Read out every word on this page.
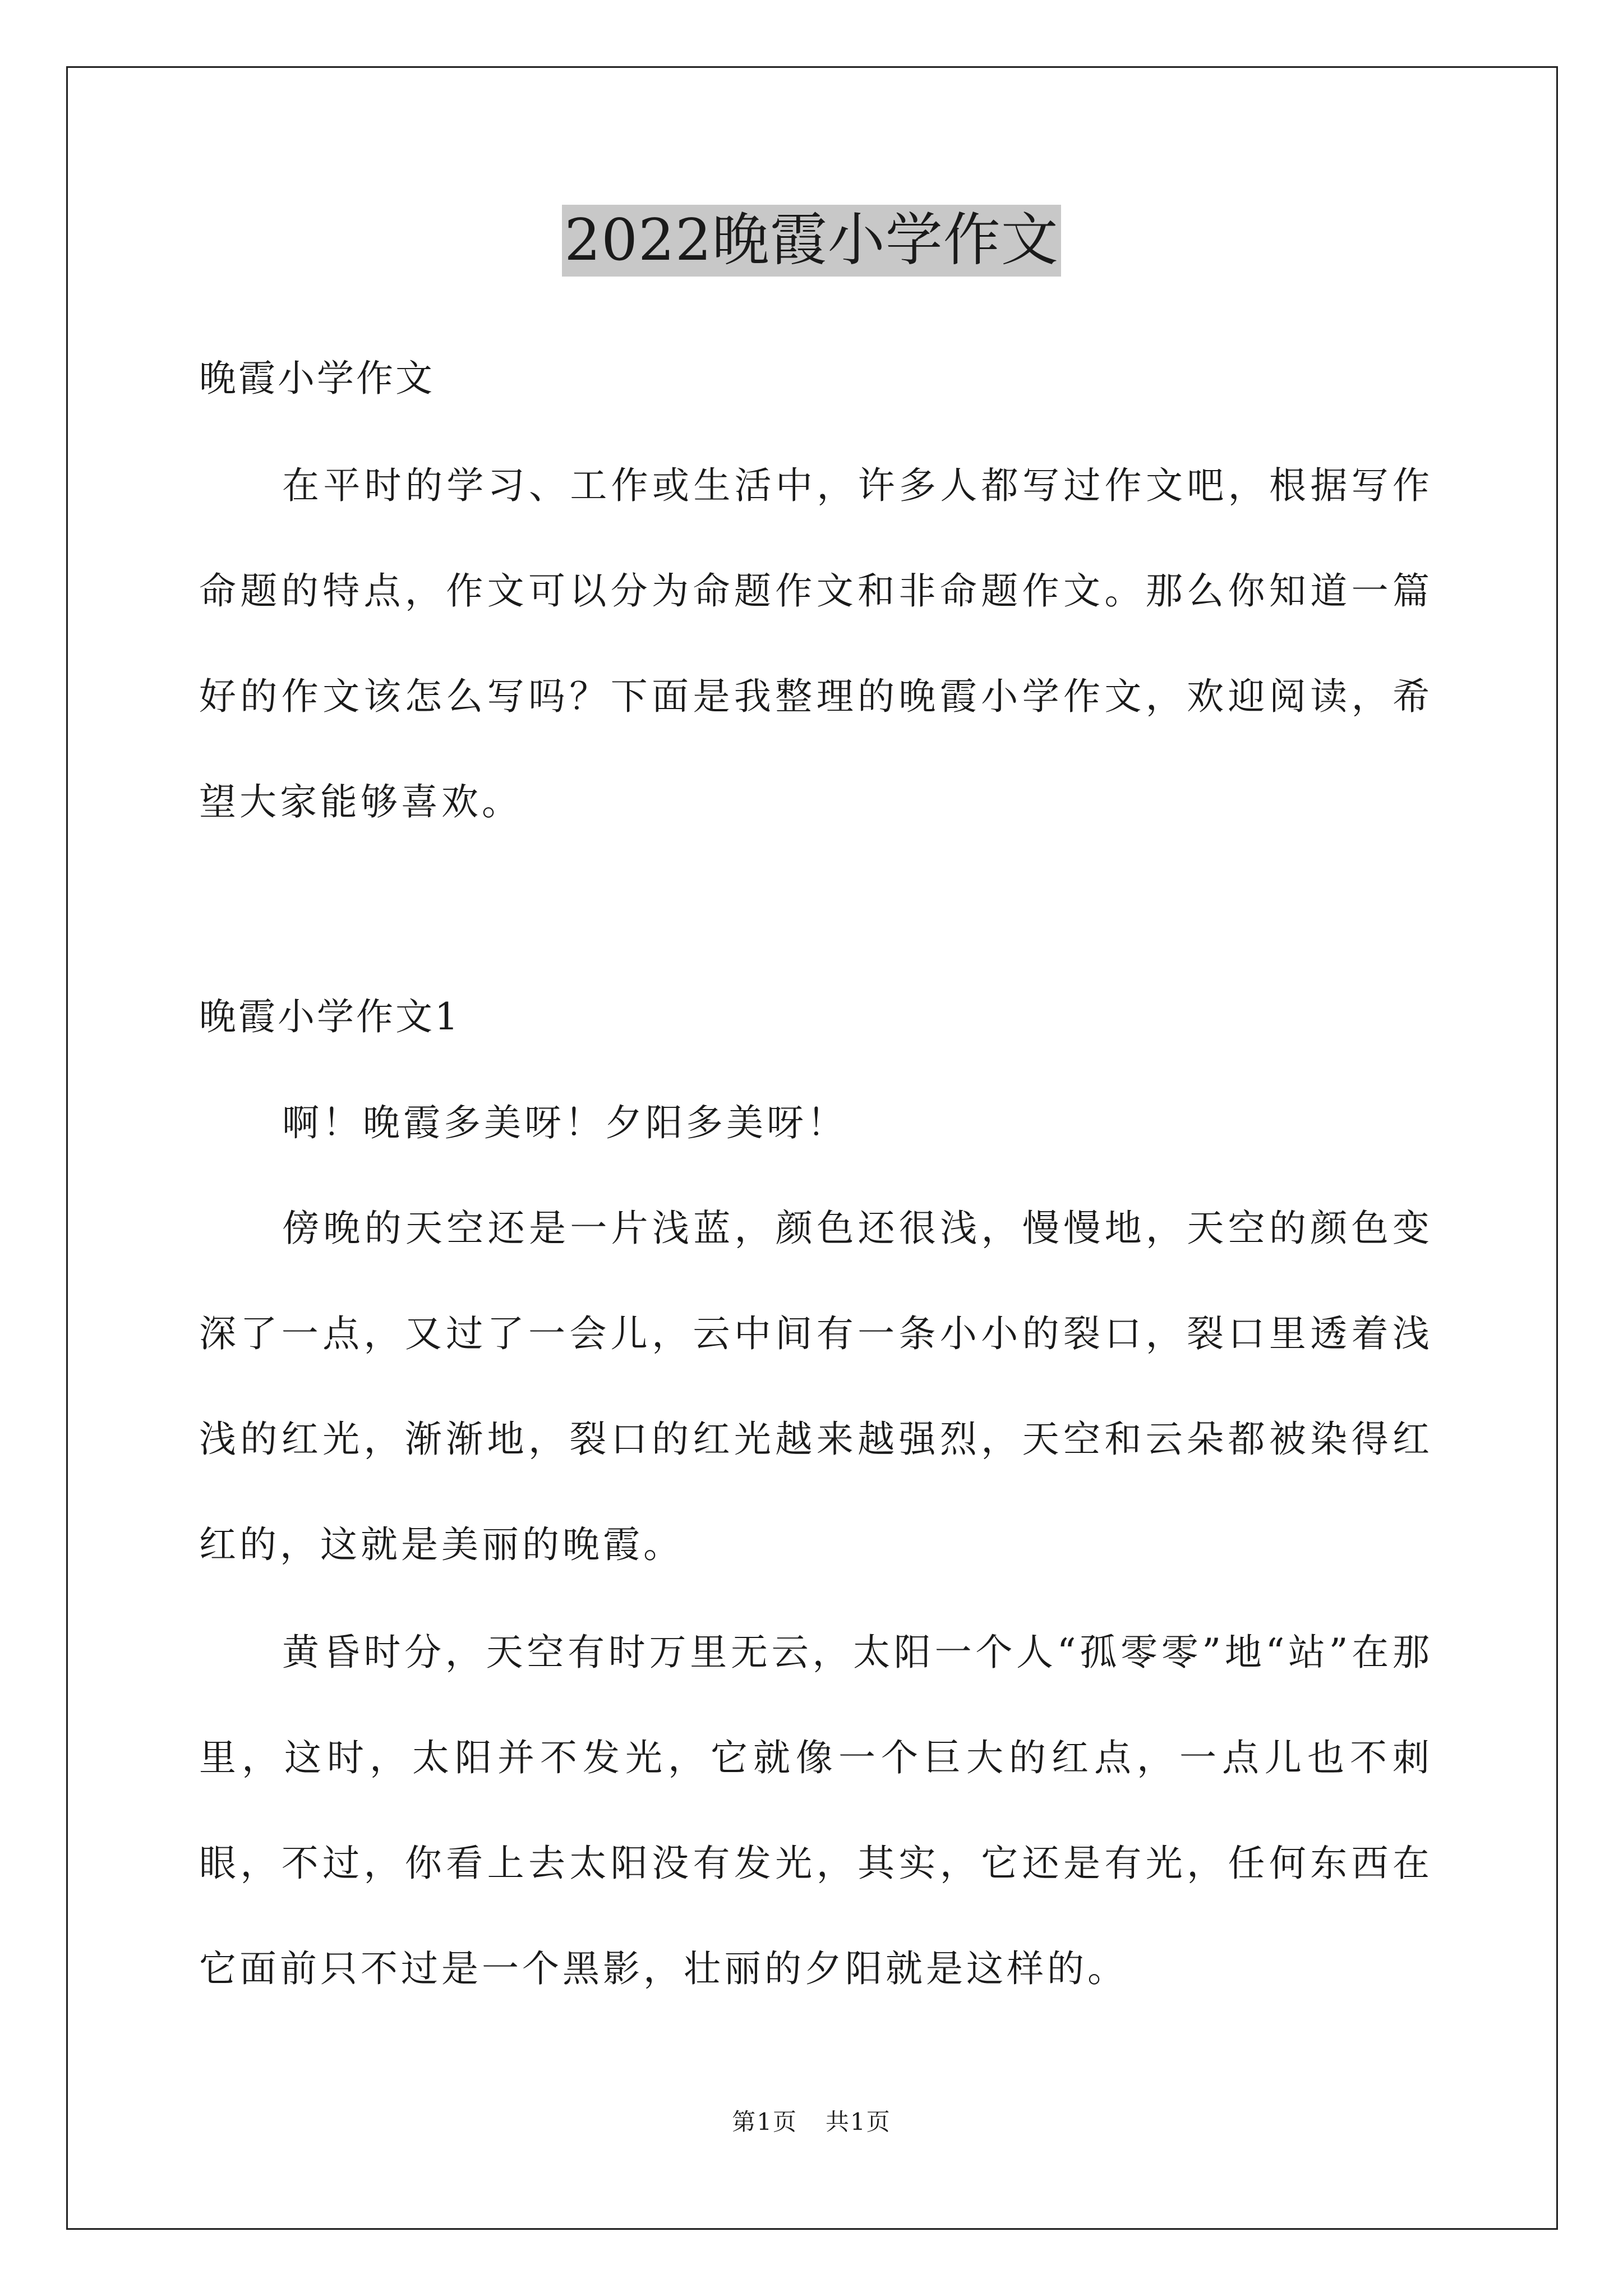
2022晚霞小学作文
晚霞小学作文
在平时的学习、工作或生活中，许多人都写过作文吧，根据写作命题的特点，作文可以分为命题作文和非命题作文。那么你知道一篇好的作文该怎么写吗？下面是我整理的晚霞小学作文，欢迎阅读，希望大家能够喜欢。
晚霞小学作文1
啊！晚霞多美呀！夕阳多美呀！
傍晚的天空还是一片浅蓝，颜色还很浅，慢慢地，天空的颜色变深了一点，又过了一会儿，云中间有一条小小的裂口，裂口里透着浅浅的红光，渐渐地，裂口的红光越来越强烈，天空和云朵都被染得红红的，这就是美丽的晚霞。
黄昏时分，天空有时万里无云，太阳一个人“孤零零”地“站”在那里，这时，太阳并不发光，它就像一个巨大的红点，一点儿也不刺眼，不过，你看上去太阳没有发光，其实，它还是有光，任何东西在它面前只不过是一个黑影，壮丽的夕阳就是这样的。
第1页 共1页
